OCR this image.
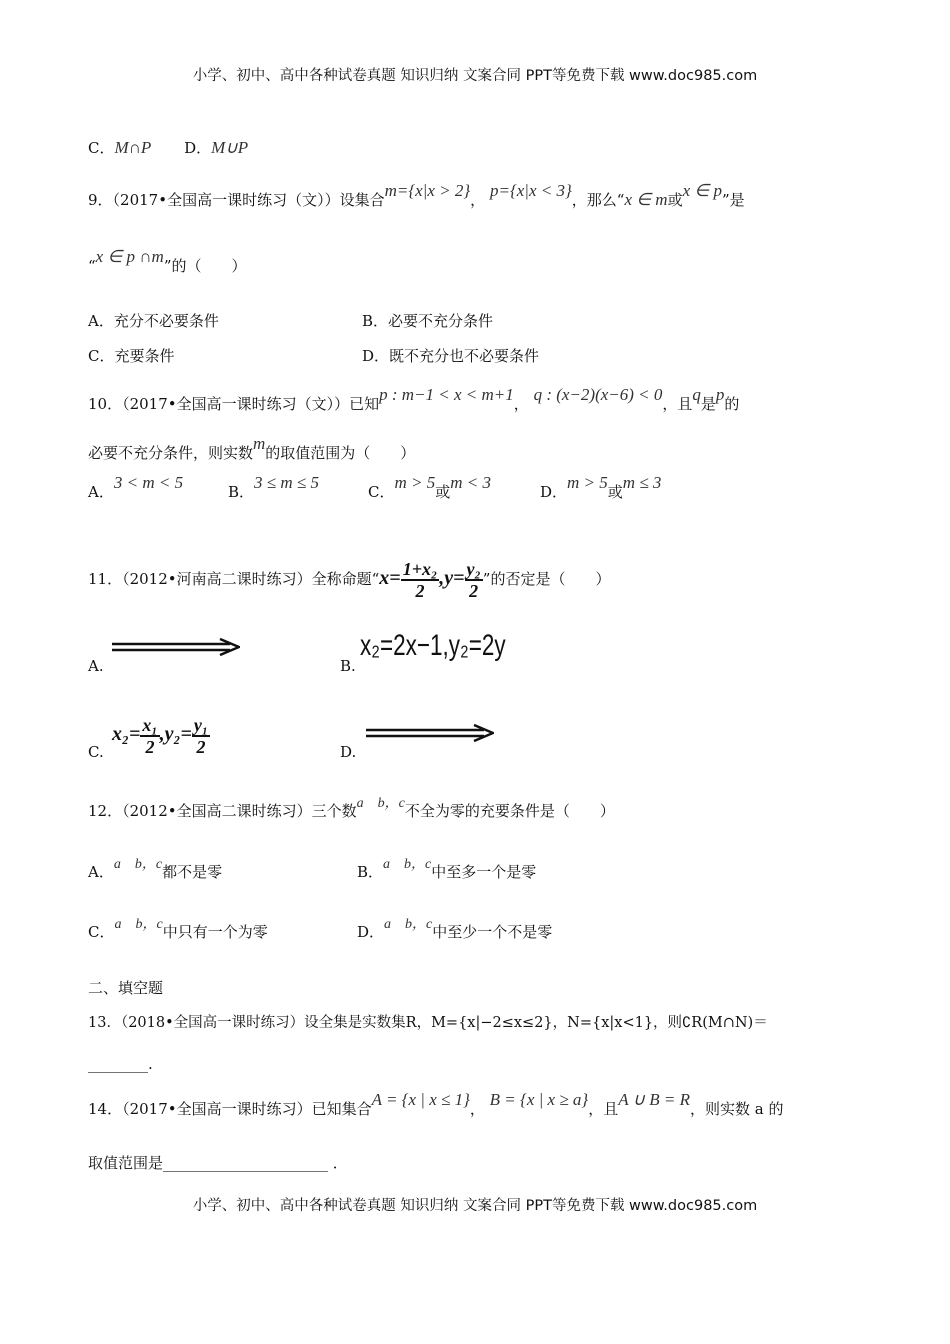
小学、初中、高中各种试卷真题 知识归纳 文案合同 PPT等免费下载 www.doc985.com
C．M∩P D．M∪P
9．（2017•全国高一课时练习（文））设集合m={x|x > 2}， p={x|x < 3}，那么“x ∈ m或x ∈ p”是
“x ∈ p ∩m”的（　　）
A．充分不必要条件	B．必要不充分条件
C．充要条件	D．既不充分也不必要条件
10．（2017•全国高一课时练习（文））已知p : m−1 < x < m+1， q : (x−2)(x−6) < 0，且q是p的
必要不充分条件，则实数m的取值范围为（　　）
A．3 < m < 5	B．3 ≤ m ≤ 5	C．m > 5或m < 3	D．m > 5或m ≤ 3
11．（2012•河南高二课时练习）全称命题“$x= \frac{\text{1+x₂}}{2} ,y= \frac{\text{y₂}}{2}$ ”的否定是（　　）
A.	B.
x₂=2x−1,y₂=2y
C.
$x_2= \frac{\text{x₁}}{2} ,y_2= \frac{\text{y₁}}{2}$	D.
12．（2012•全国高二课时练习）三个数a　b，c不全为零的充要条件是（　　）
A．a　b，c都不是零	B．a　b，c中至多一个是零
C．a　b，c中只有一个为零	D．a　b，c中至少一个不是零
二、填空题
13．（2018•全国高一课时练习）设全集是实数集R，M={x|−2≤x≤2}，N={x|x<1}，则∁R(M∩N)＝
________.
14．（2017•全国高一课时练习）已知集合A = {x | x ≤ 1}， B = {x | x ≥ a}，且A ∪ B = R，则实数 a 的
取值范围是______________________ ．
小学、初中、高中各种试卷真题 知识归纳 文案合同 PPT等免费下载 www.doc985.com
